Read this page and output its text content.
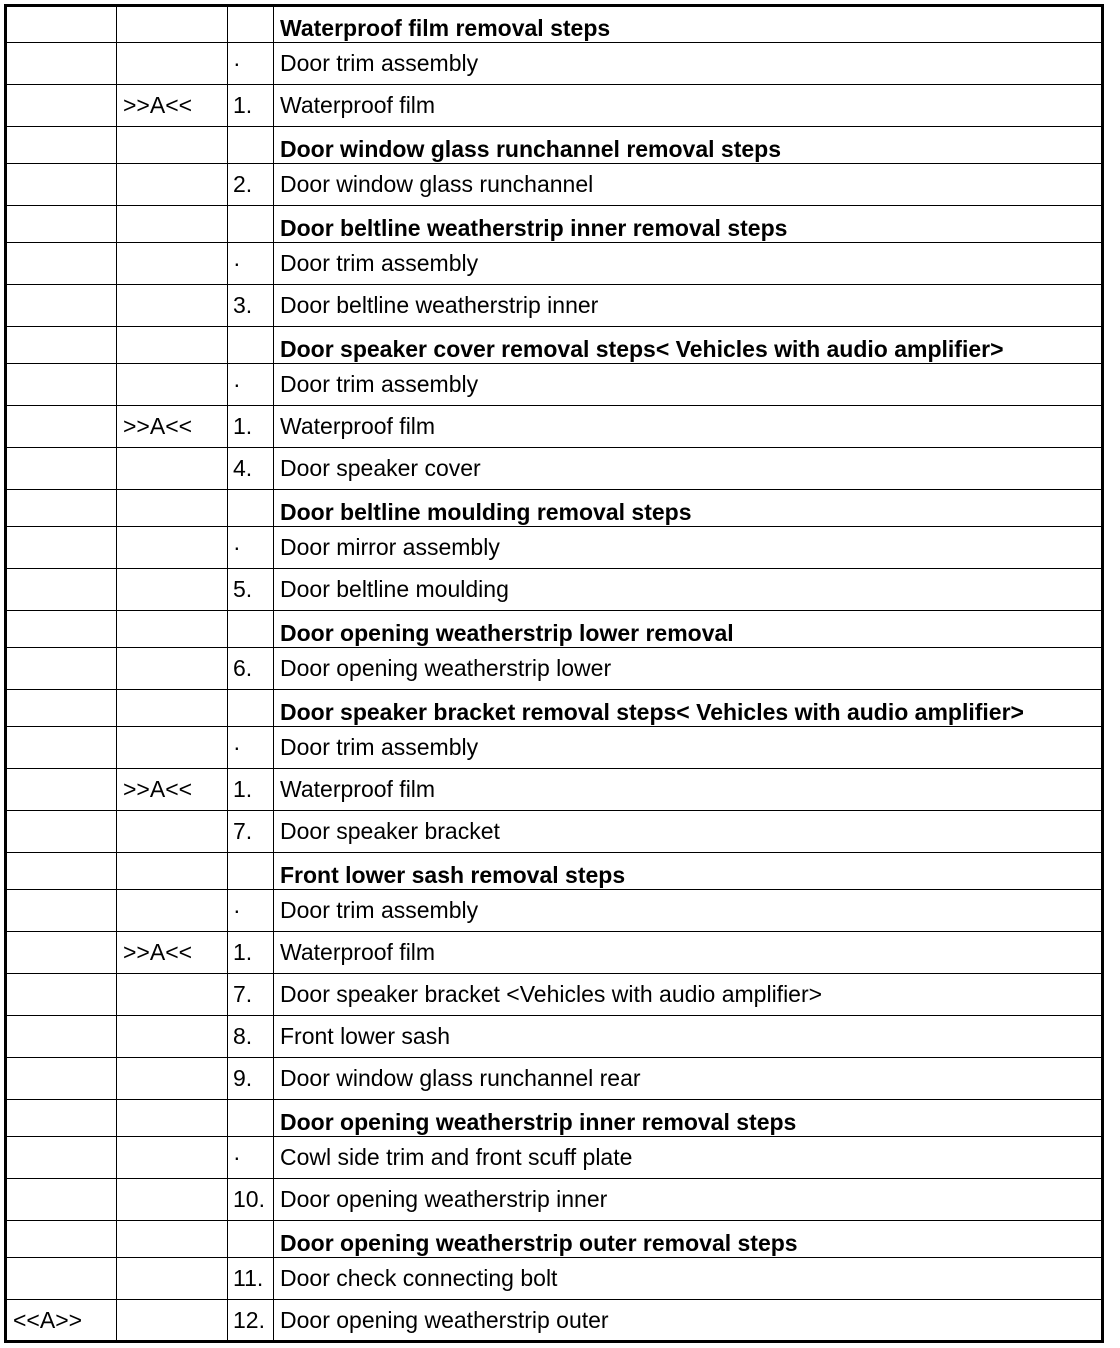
			Waterproof film removal steps
		·	Door trim assembly
	>>A<<	1.	Waterproof film
			Door window glass runchannel removal steps
		2.	Door window glass runchannel
			Door beltline weatherstrip inner removal steps
		·	Door trim assembly
		3.	Door beltline weatherstrip inner
			Door speaker cover removal steps< Vehicles with audio amplifier>
		·	Door trim assembly
	>>A<<	1.	Waterproof film
		4.	Door speaker cover
			Door beltline moulding removal steps
		·	Door mirror assembly
		5.	Door beltline moulding
			Door opening weatherstrip lower removal
		6.	Door opening weatherstrip lower
			Door speaker bracket removal steps< Vehicles with audio amplifier>
		·	Door trim assembly
	>>A<<	1.	Waterproof film
		7.	Door speaker bracket
			Front lower sash removal steps
		·	Door trim assembly
	>>A<<	1.	Waterproof film
		7.	Door speaker bracket <Vehicles with audio amplifier>
		8.	Front lower sash
		9.	Door window glass runchannel rear
			Door opening weatherstrip inner removal steps
		·	Cowl side trim and front scuff plate
		10.	Door opening weatherstrip inner
			Door opening weatherstrip outer removal steps
		11.	Door check connecting bolt
<<A>>		12.	Door opening weatherstrip outer
